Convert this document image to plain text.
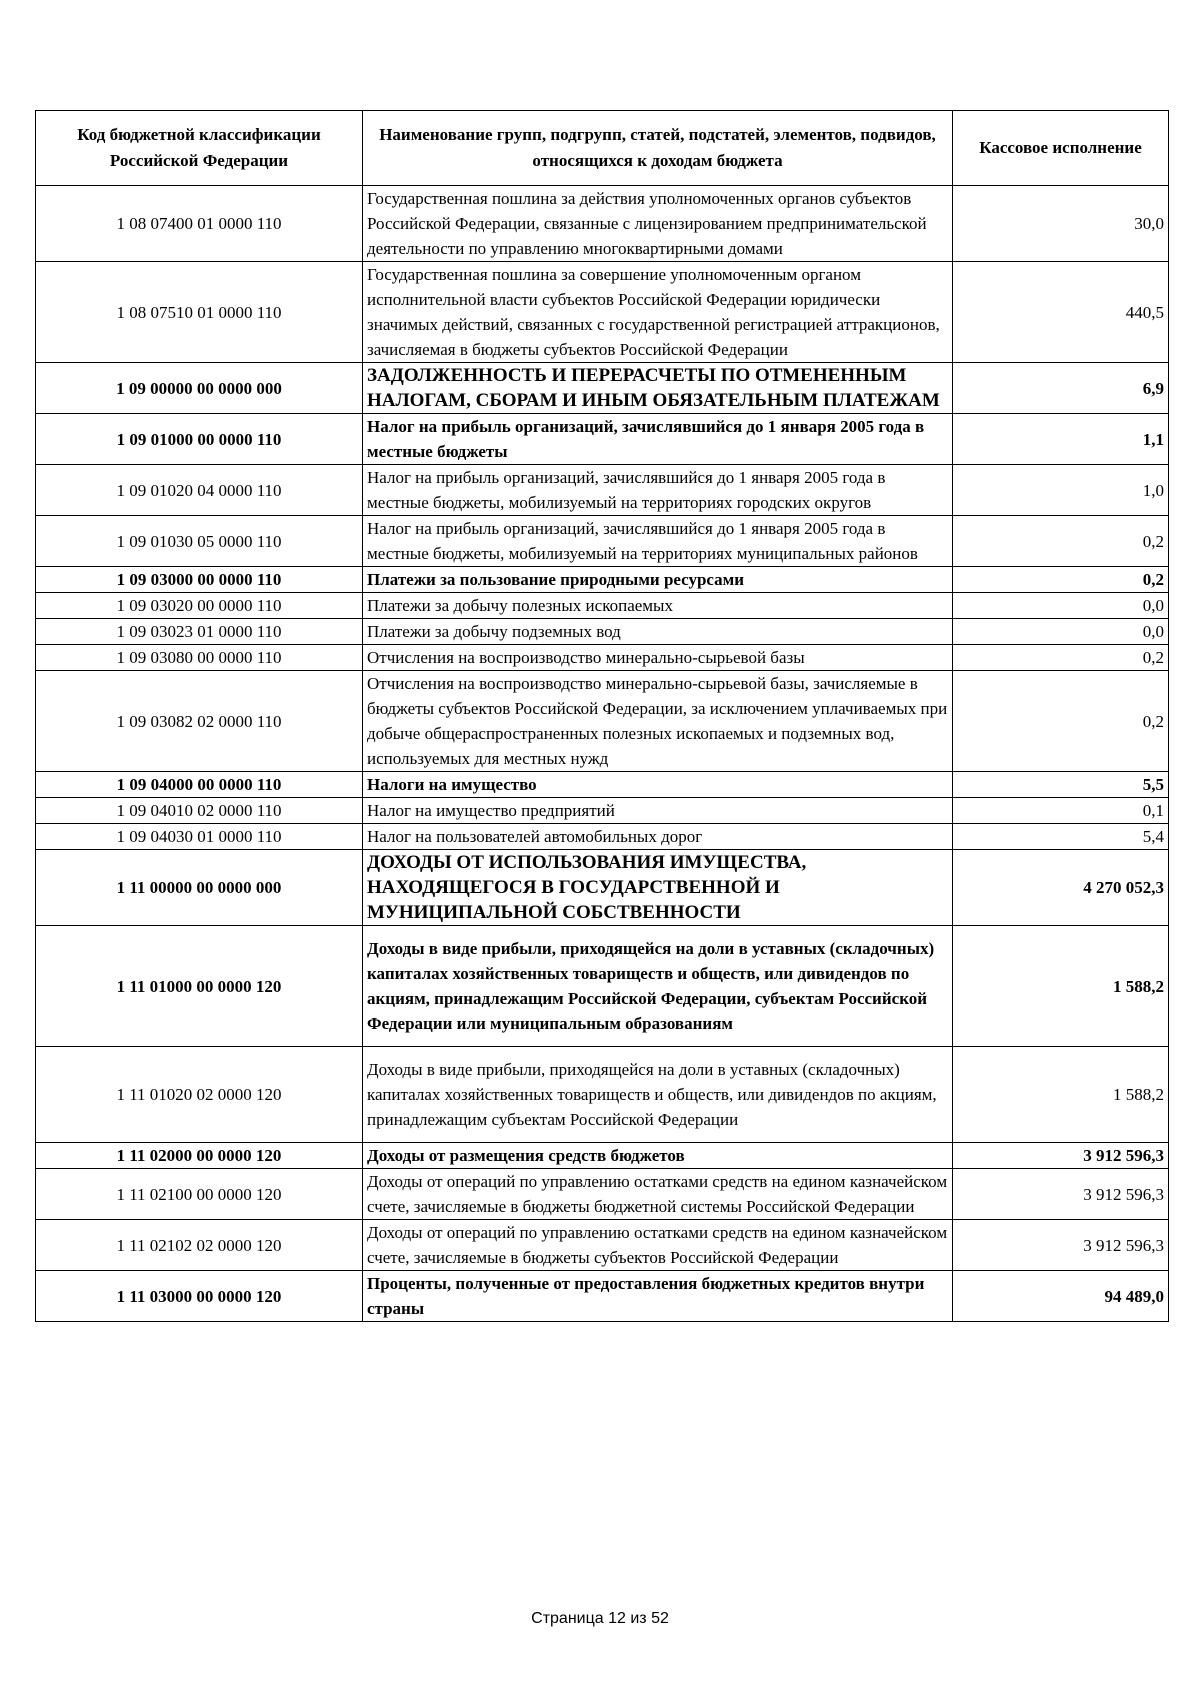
Код бюджетной классификации Российской Федерации	Наименование групп, подгрупп, статей, подстатей, элементов, подвидов, относящихся к доходам бюджета	Кассовое исполнение
1 08 07400 01 0000 110	Государственная пошлина за действия уполномоченных органов субъектов Российской Федерации, связанные с лицензированием предпринимательской деятельности по управлению многоквартирными домами	30,0
1 08 07510 01 0000 110	Государственная пошлина за совершение уполномоченным органом исполнительной власти субъектов Российской Федерации юридически значимых действий, связанных с государственной регистрацией аттракционов, зачисляемая в бюджеты субъектов Российской Федерации	440,5
1 09 00000 00 0000 000	ЗАДОЛЖЕННОСТЬ И ПЕРЕРАСЧЕТЫ ПО ОТМЕНЕННЫМ НАЛОГАМ, СБОРАМ И ИНЫМ ОБЯЗАТЕЛЬНЫМ ПЛАТЕЖАМ	6,9
1 09 01000 00 0000 110	Налог на прибыль организаций, зачислявшийся до 1 января 2005 года в местные бюджеты	1,1
1 09 01020 04 0000 110	Налог на прибыль организаций, зачислявшийся до 1 января 2005 года в местные бюджеты, мобилизуемый на территориях городских округов	1,0
1 09 01030 05 0000 110	Налог на прибыль организаций, зачислявшийся до 1 января 2005 года в местные бюджеты, мобилизуемый на территориях муниципальных районов	0,2
1 09 03000 00 0000 110	Платежи за пользование природными ресурсами	0,2
1 09 03020 00 0000 110	Платежи за добычу полезных ископаемых	0,0
1 09 03023 01 0000 110	Платежи за добычу подземных вод	0,0
1 09 03080 00 0000 110	Отчисления на воспроизводство минерально-сырьевой базы	0,2
1 09 03082 02 0000 110	Отчисления на воспроизводство минерально-сырьевой базы, зачисляемые в бюджеты субъектов Российской Федерации, за исключением уплачиваемых при добыче общераспространенных полезных ископаемых и подземных вод, используемых для местных нужд	0,2
1 09 04000 00 0000 110	Налоги на имущество	5,5
1 09 04010 02 0000 110	Налог на имущество предприятий	0,1
1 09 04030 01 0000 110	Налог на пользователей автомобильных дорог	5,4
1 11 00000 00 0000 000	ДОХОДЫ ОТ ИСПОЛЬЗОВАНИЯ ИМУЩЕСТВА, НАХОДЯЩЕГОСЯ В ГОСУДАРСТВЕННОЙ И МУНИЦИПАЛЬНОЙ СОБСТВЕННОСТИ	4 270 052,3
1 11 01000 00 0000 120	Доходы в виде прибыли, приходящейся на доли в уставных (складочных) капиталах хозяйственных товариществ и обществ, или дивидендов по акциям, принадлежащим Российской Федерации, субъектам Российской Федерации или муниципальным образованиям	1 588,2
1 11 01020 02 0000 120	Доходы в виде прибыли, приходящейся на доли в уставных (складочных) капиталах хозяйственных товариществ и обществ, или дивидендов по акциям, принадлежащим субъектам Российской Федерации	1 588,2
1 11 02000 00 0000 120	Доходы от размещения средств бюджетов	3 912 596,3
1 11 02100 00 0000 120	Доходы от операций по управлению остатками средств на едином казначейском счете, зачисляемые в бюджеты бюджетной системы Российской Федерации	3 912 596,3
1 11 02102 02 0000 120	Доходы от операций по управлению остатками средств на едином казначейском счете, зачисляемые в бюджеты субъектов Российской Федерации	3 912 596,3
1 11 03000 00 0000 120	Проценты, полученные от предоставления бюджетных кредитов внутри страны	94 489,0
Страница 12 из 52
